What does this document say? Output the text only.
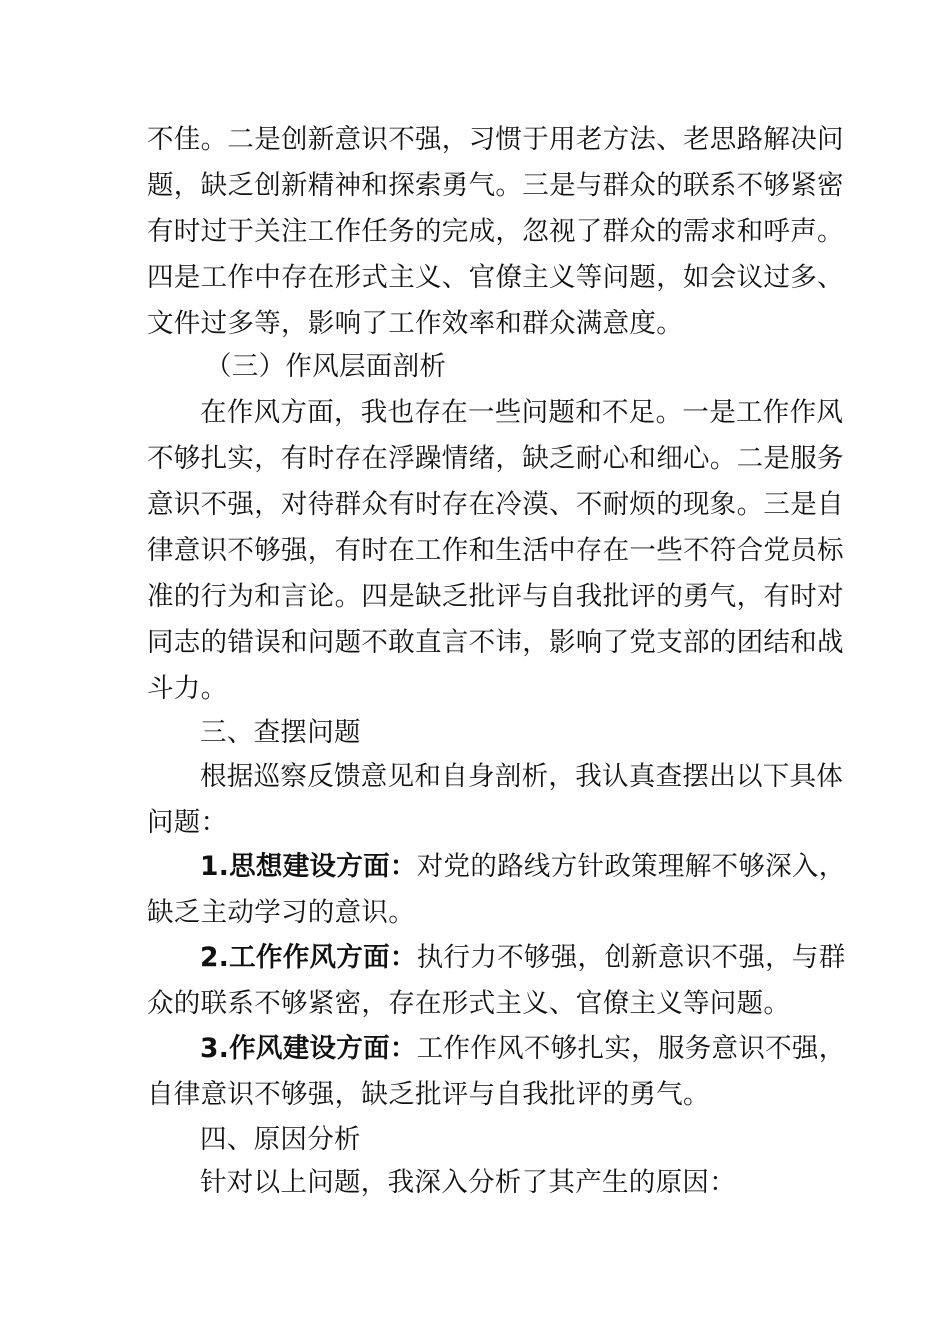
不佳。二是创新意识不强，习惯于用老方法、老思路解决问
题，缺乏创新精神和探索勇气。三是与群众的联系不够紧密
有时过于关注工作任务的完成，忽视了群众的需求和呼声。
四是工作中存在形式主义、官僚主义等问题，如会议过多、
文件过多等，影响了工作效率和群众满意度。
（三）作风层面剖析
在作风方面，我也存在一些问题和不足。一是工作作风
不够扎实，有时存在浮躁情绪，缺乏耐心和细心。二是服务
意识不强，对待群众有时存在冷漠、不耐烦的现象。三是自
律意识不够强，有时在工作和生活中存在一些不符合党员标
准的行为和言论。四是缺乏批评与自我批评的勇气，有时对
同志的错误和问题不敢直言不讳，影响了党支部的团结和战
斗力。
三、查摆问题
根据巡察反馈意见和自身剖析，我认真查摆出以下具体
问题：
1.思想建设方面：对党的路线方针政策理解不够深入，
缺乏主动学习的意识。
2.工作作风方面：执行力不够强，创新意识不强，与群
众的联系不够紧密，存在形式主义、官僚主义等问题。
3.作风建设方面：工作作风不够扎实，服务意识不强，
自律意识不够强，缺乏批评与自我批评的勇气。
四、原因分析
针对以上问题，我深入分析了其产生的原因：
